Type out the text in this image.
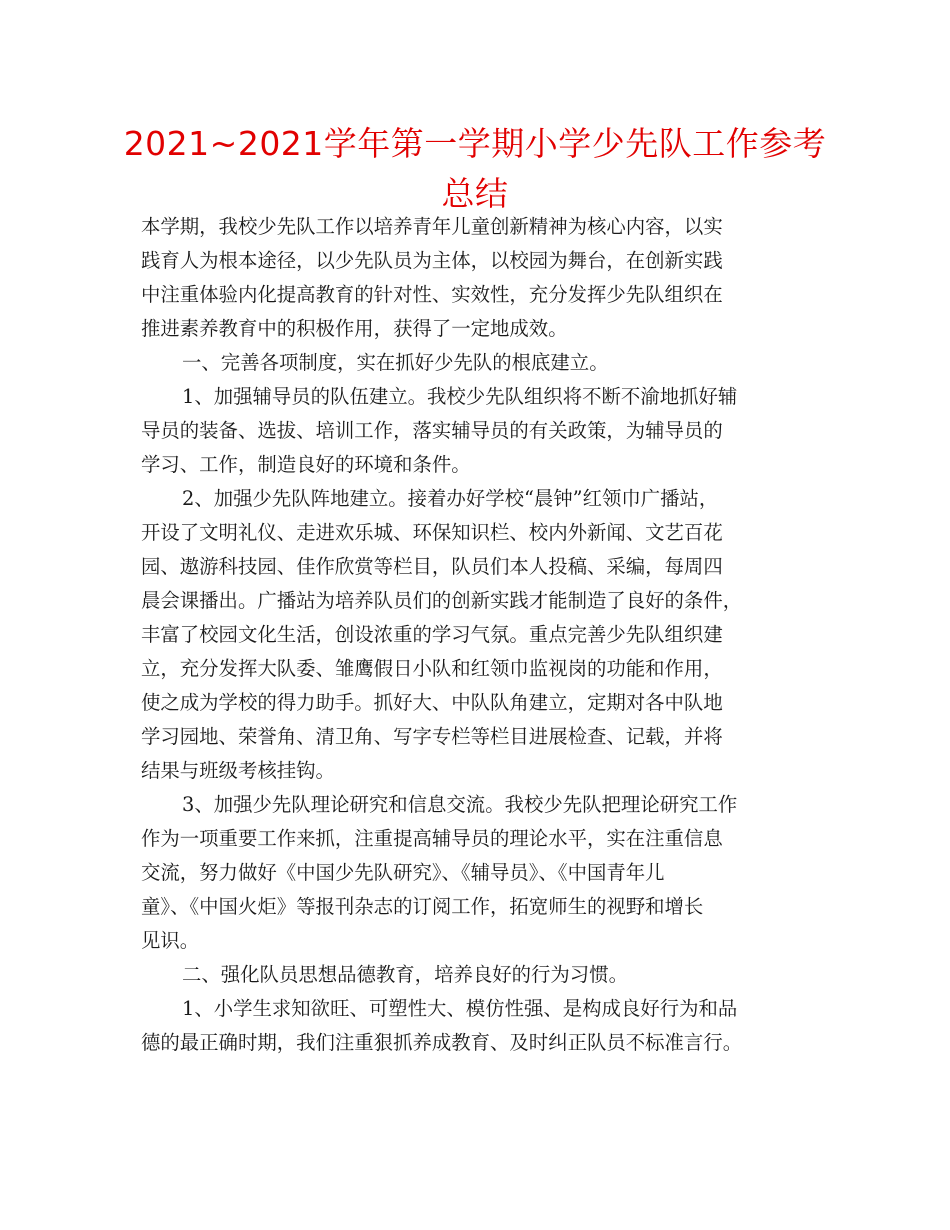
2021~2021学年第一学期小学少先队工作参考
总结
本学期，我校少先队工作以培养青年儿童创新精神为核心内容，以实
践育人为根本途径，以少先队员为主体，以校园为舞台，在创新实践
中注重体验内化提高教育的针对性、实效性，充分发挥少先队组织在
推进素养教育中的积极作用，获得了一定地成效。
一、完善各项制度，实在抓好少先队的根底建立。
1、加强辅导员的队伍建立。我校少先队组织将不断不渝地抓好辅
导员的装备、选拔、培训工作，落实辅导员的有关政策，为辅导员的
学习、工作，制造良好的环境和条件。
2、加强少先队阵地建立。接着办好学校“晨钟”红领巾广播站，
开设了文明礼仪、走进欢乐城、环保知识栏、校内外新闻、文艺百花
园、遨游科技园、佳作欣赏等栏目，队员们本人投稿、采编，每周四
晨会课播出。广播站为培养队员们的创新实践才能制造了良好的条件，
丰富了校园文化生活，创设浓重的学习气氛。重点完善少先队组织建
立，充分发挥大队委、雏鹰假日小队和红领巾监视岗的功能和作用，
使之成为学校的得力助手。抓好大、中队队角建立，定期对各中队地
学习园地、荣誉角、清卫角、写字专栏等栏目进展检查、记载，并将
结果与班级考核挂钩。
3、加强少先队理论研究和信息交流。我校少先队把理论研究工作
作为一项重要工作来抓，注重提高辅导员的理论水平，实在注重信息
交流，努力做好《中国少先队研究》、《辅导员》、《中国青年儿
童》、《中国火炬》等报刊杂志的订阅工作，拓宽师生的视野和增长
见识。
二、强化队员思想品德教育，培养良好的行为习惯。
1、小学生求知欲旺、可塑性大、模仿性强、是构成良好行为和品
德的最正确时期，我们注重狠抓养成教育、及时纠正队员不标准言行。
